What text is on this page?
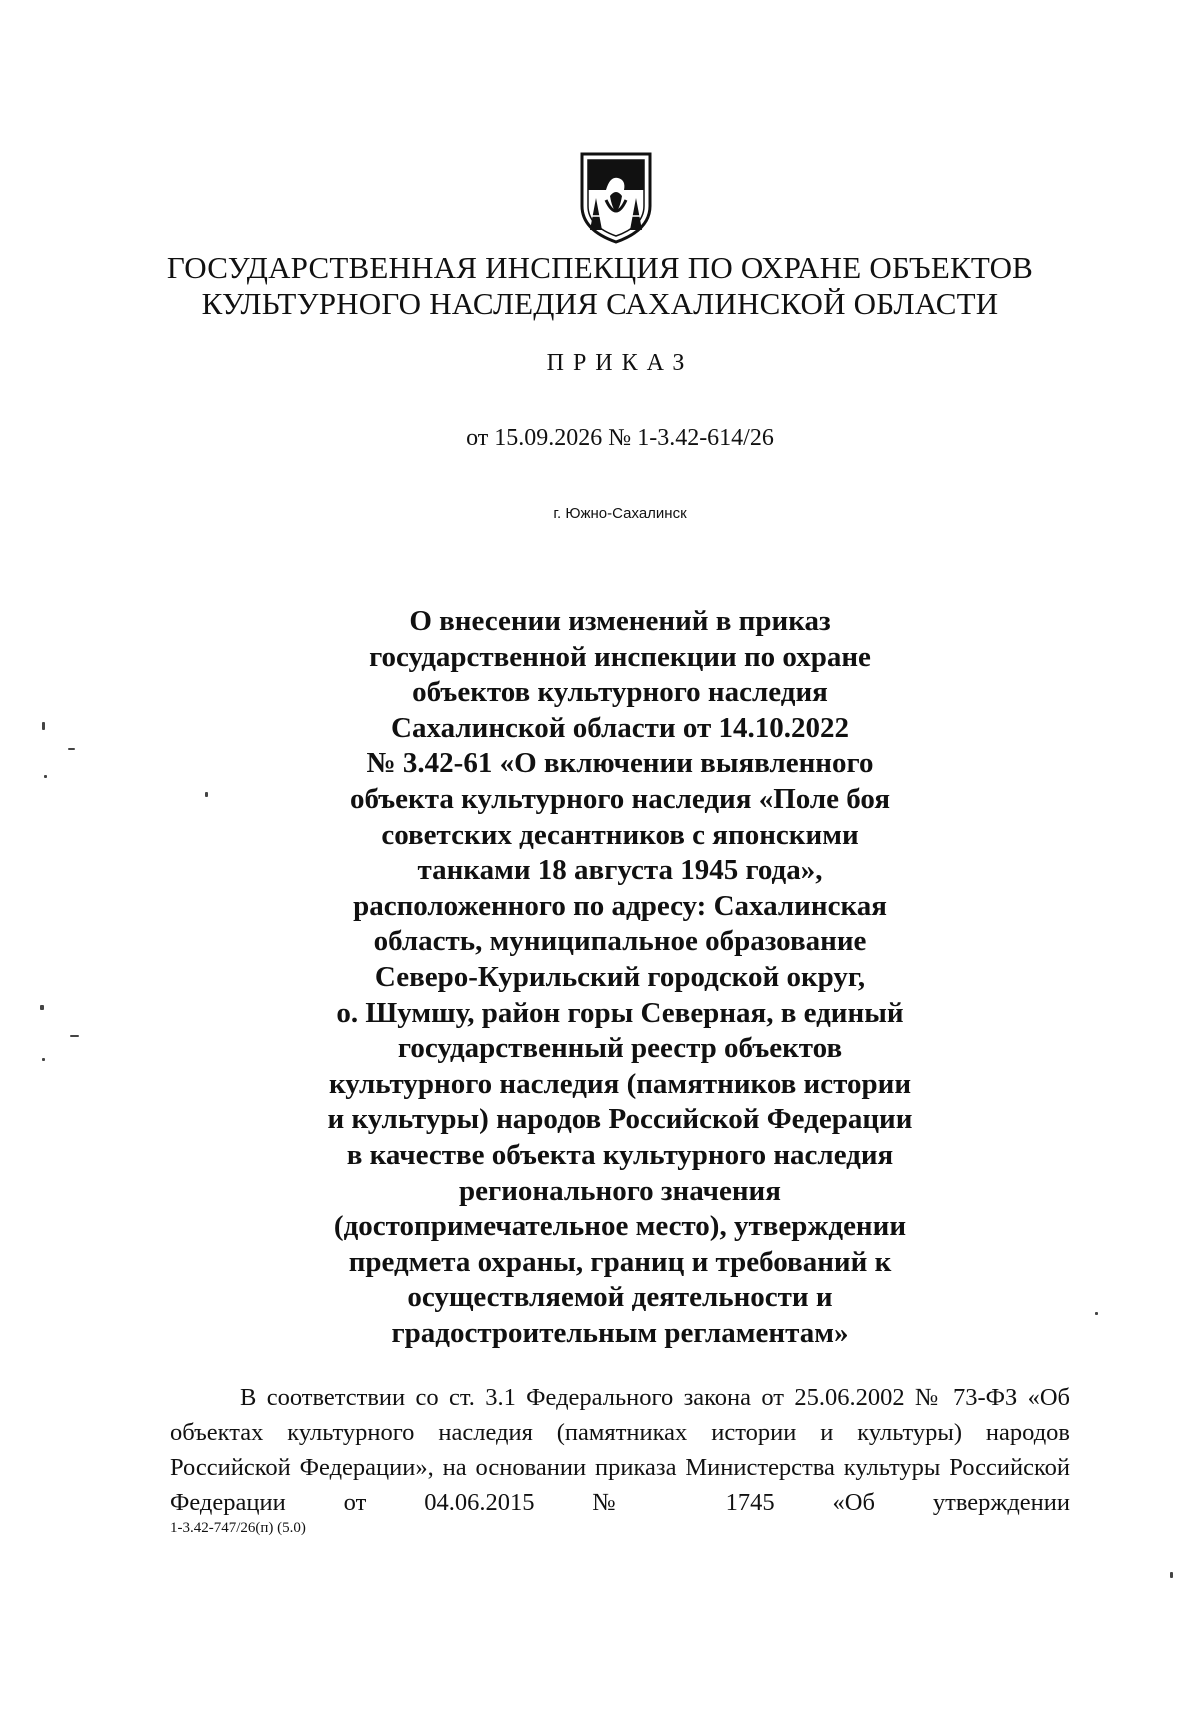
ГОСУДАРСТВЕННАЯ ИНСПЕКЦИЯ ПО ОХРАНЕ ОБЪЕКТОВ
КУЛЬТУРНОГО НАСЛЕДИЯ САХАЛИНСКОЙ ОБЛАСТИ
ПРИКАЗ
от 15.09.2026 № 1-3.42-614/26
г. Южно-Сахалинск
О внесении изменений в приказ
государственной инспекции по охране
объектов культурного наследия
Сахалинской области от 14.10.2022
№ 3.42-61 «О включении выявленного
объекта культурного наследия «Поле боя
советских десантников с японскими
танками 18 августа 1945 года»,
расположенного по адресу: Сахалинская
область, муниципальное образование
Северо-Курильский городской округ,
о. Шумшу, район горы Северная, в единый
государственный реестр объектов
культурного наследия (памятников истории
и культуры) народов Российской Федерации
в качестве объекта культурного наследия
регионального значения
(достопримечательное место), утверждении
предмета охраны, границ и требований к
осуществляемой деятельности и
градостроительным регламентам»

В соответствии со ст. 3.1 Федерального закона от 25.06.2002 № 73-ФЗ «Об объектах культурного наследия (памятниках истории и культуры) народов Российской Федерации», на основании приказа Министерства культуры Российской Федерации от 04.06.2015 № 1745 «Об утверждении

1-3.42-747/26(п) (5.0)
